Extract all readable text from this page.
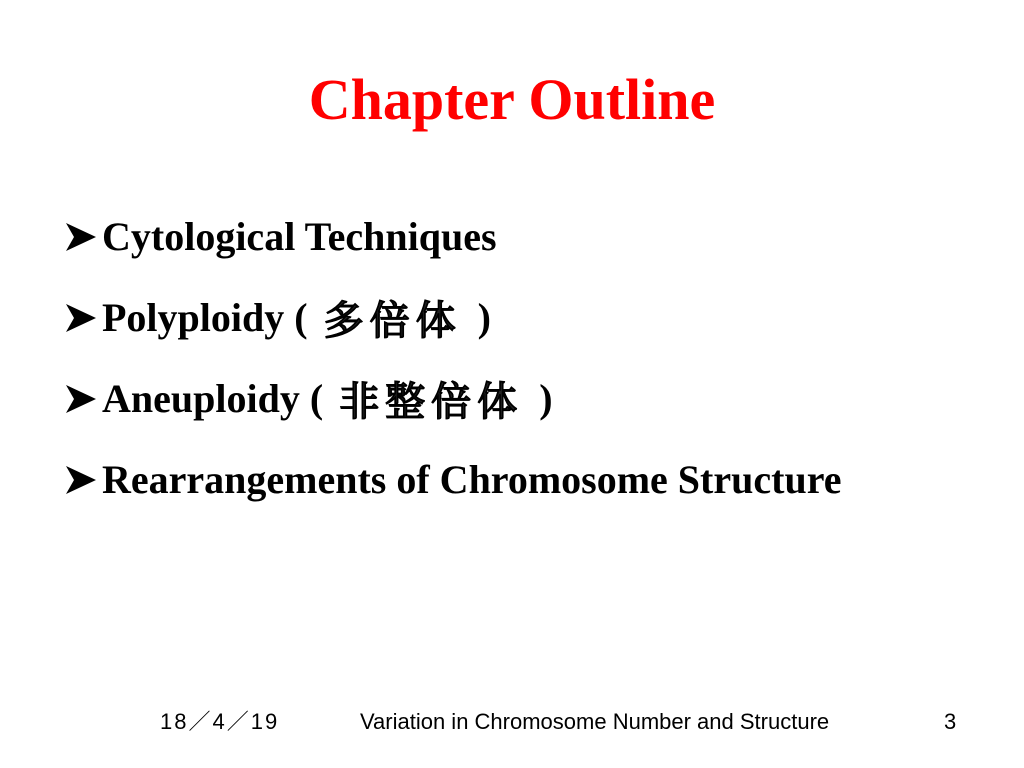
Chapter Outline
Cytological Techniques
Polyploidy ( 多倍体 )
Aneuploidy ( 非整倍体 )
Rearrangements of Chromosome Structure
18／4／19	Variation in Chromosome Number and Structure	3
